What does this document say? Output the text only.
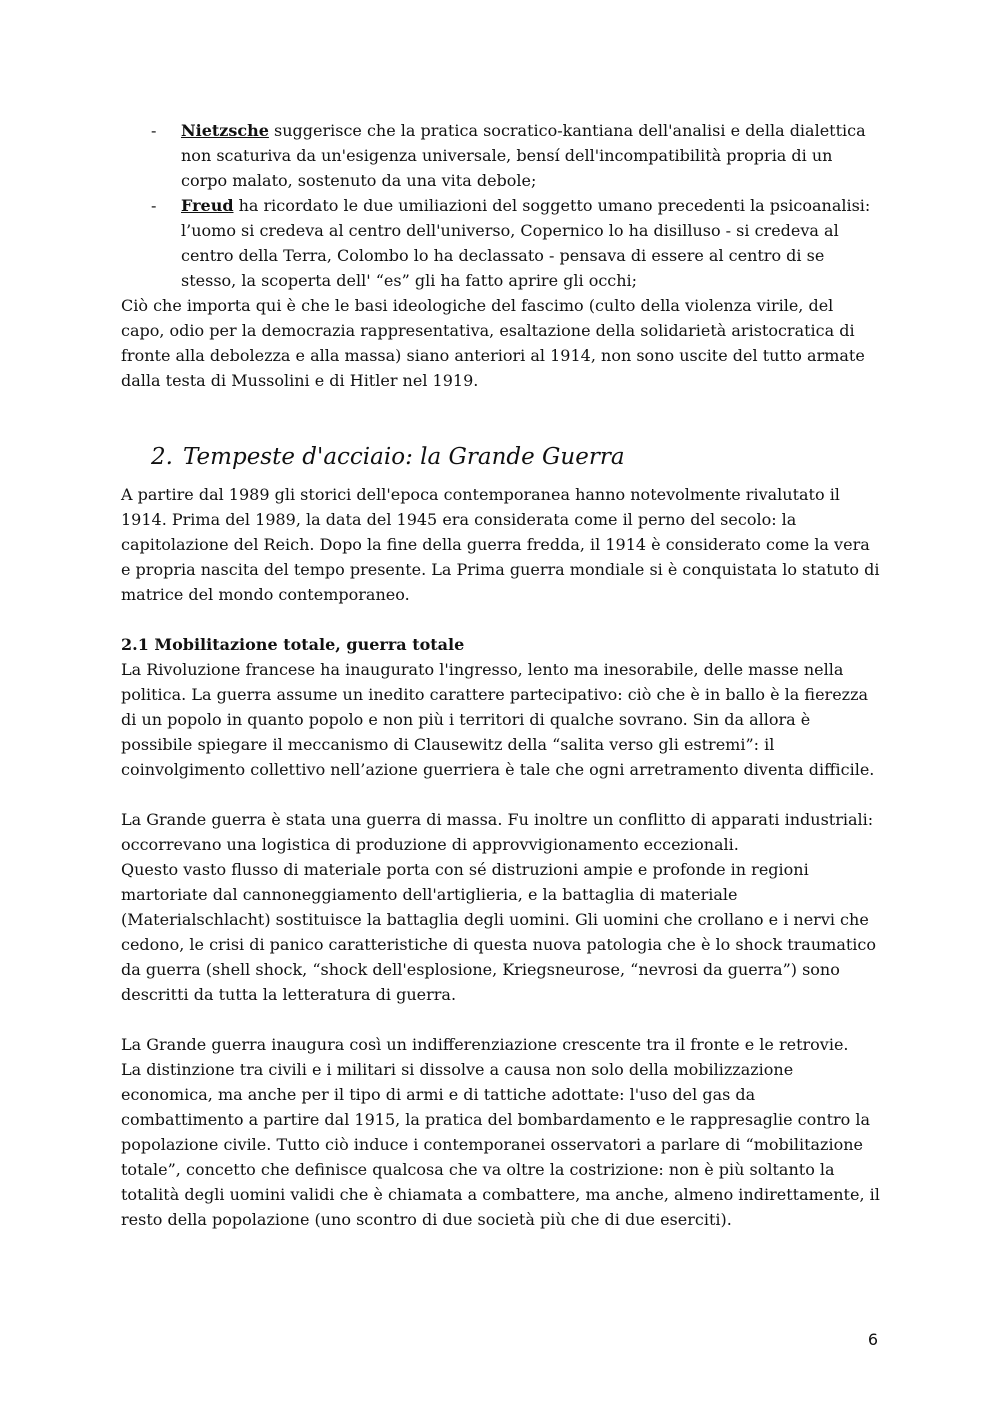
- Nietzsche suggerisce che la pratica socratico-kantiana dell'analisi e della dialettica non scaturiva da un'esigenza universale, bensí dell'incompatibilità propria di un corpo malato, sostenuto da una vita debole;
- Freud ha ricordato le due umiliazioni del soggetto umano precedenti la psicoanalisi: l’uomo si credeva al centro dell'universo, Copernico lo ha disilluso - si credeva al centro della Terra, Colombo lo ha declassato - pensava di essere al centro di se stesso, la scoperta dell' “es” gli ha fatto aprire gli occhi;

Ciò che importa qui è che le basi ideologiche del fascimo (culto della violenza virile, del capo, odio per la democrazia rappresentativa, esaltazione della solidarietà aristocratica di fronte alla debolezza e alla massa) siano anteriori al 1914, non sono uscite del tutto armate dalla testa di Mussolini e di Hitler nel 1919.

2. Tempeste d'acciaio: la Grande Guerra

A partire dal 1989 gli storici dell'epoca contemporanea hanno notevolmente rivalutato il 1914. Prima del 1989, la data del 1945 era considerata come il perno del secolo: la capitolazione del Reich. Dopo la fine della guerra fredda, il 1914 è considerato come la vera e propria nascita del tempo presente. La Prima guerra mondiale si è conquistata lo statuto di matrice del mondo contemporaneo.

2.1 Mobilitazione totale, guerra totale

La Rivoluzione francese ha inaugurato l'ingresso, lento ma inesorabile, delle masse nella politica. La guerra assume un inedito carattere partecipativo: ciò che è in ballo è la fierezza di un popolo in quanto popolo e non più i territori di qualche sovrano. Sin da allora è possibile spiegare il meccanismo di Clausewitz della “salita verso gli estremi”: il coinvolgimento collettivo nell’azione guerriera è tale che ogni arretramento diventa difficile.

La Grande guerra è stata una guerra di massa. Fu inoltre un conflitto di apparati industriali: occorrevano una logistica di produzione di approvvigionamento eccezionali.

Questo vasto flusso di materiale porta con sé distruzioni ampie e profonde in regioni martoriate dal cannoneggiamento dell'artiglieria, e la battaglia di materiale (Materialschlacht) sostituisce la battaglia degli uomini. Gli uomini che crollano e i nervi che cedono, le crisi di panico caratteristiche di questa nuova patologia che è lo shock traumatico da guerra (shell shock, “shock dell'esplosione, Kriegsneurose, “nevrosi da guerra”) sono descritti da tutta la letteratura di guerra.

La Grande guerra inaugura così un indifferenziazione crescente tra il fronte e le retrovie.

La distinzione tra civili e i militari si dissolve a causa non solo della mobilizzazione economica, ma anche per il tipo di armi e di tattiche adottate: l'uso del gas da combattimento a partire dal 1915, la pratica del bombardamento e le rappresaglie contro la popolazione civile. Tutto ciò induce i contemporanei osservatori a parlare di “mobilitazione totale”, concetto che definisce qualcosa che va oltre la costrizione: non è più soltanto la totalità degli uomini validi che è chiamata a combattere, ma anche, almeno indirettamente, il resto della popolazione (uno scontro di due società più che di due eserciti).

6
